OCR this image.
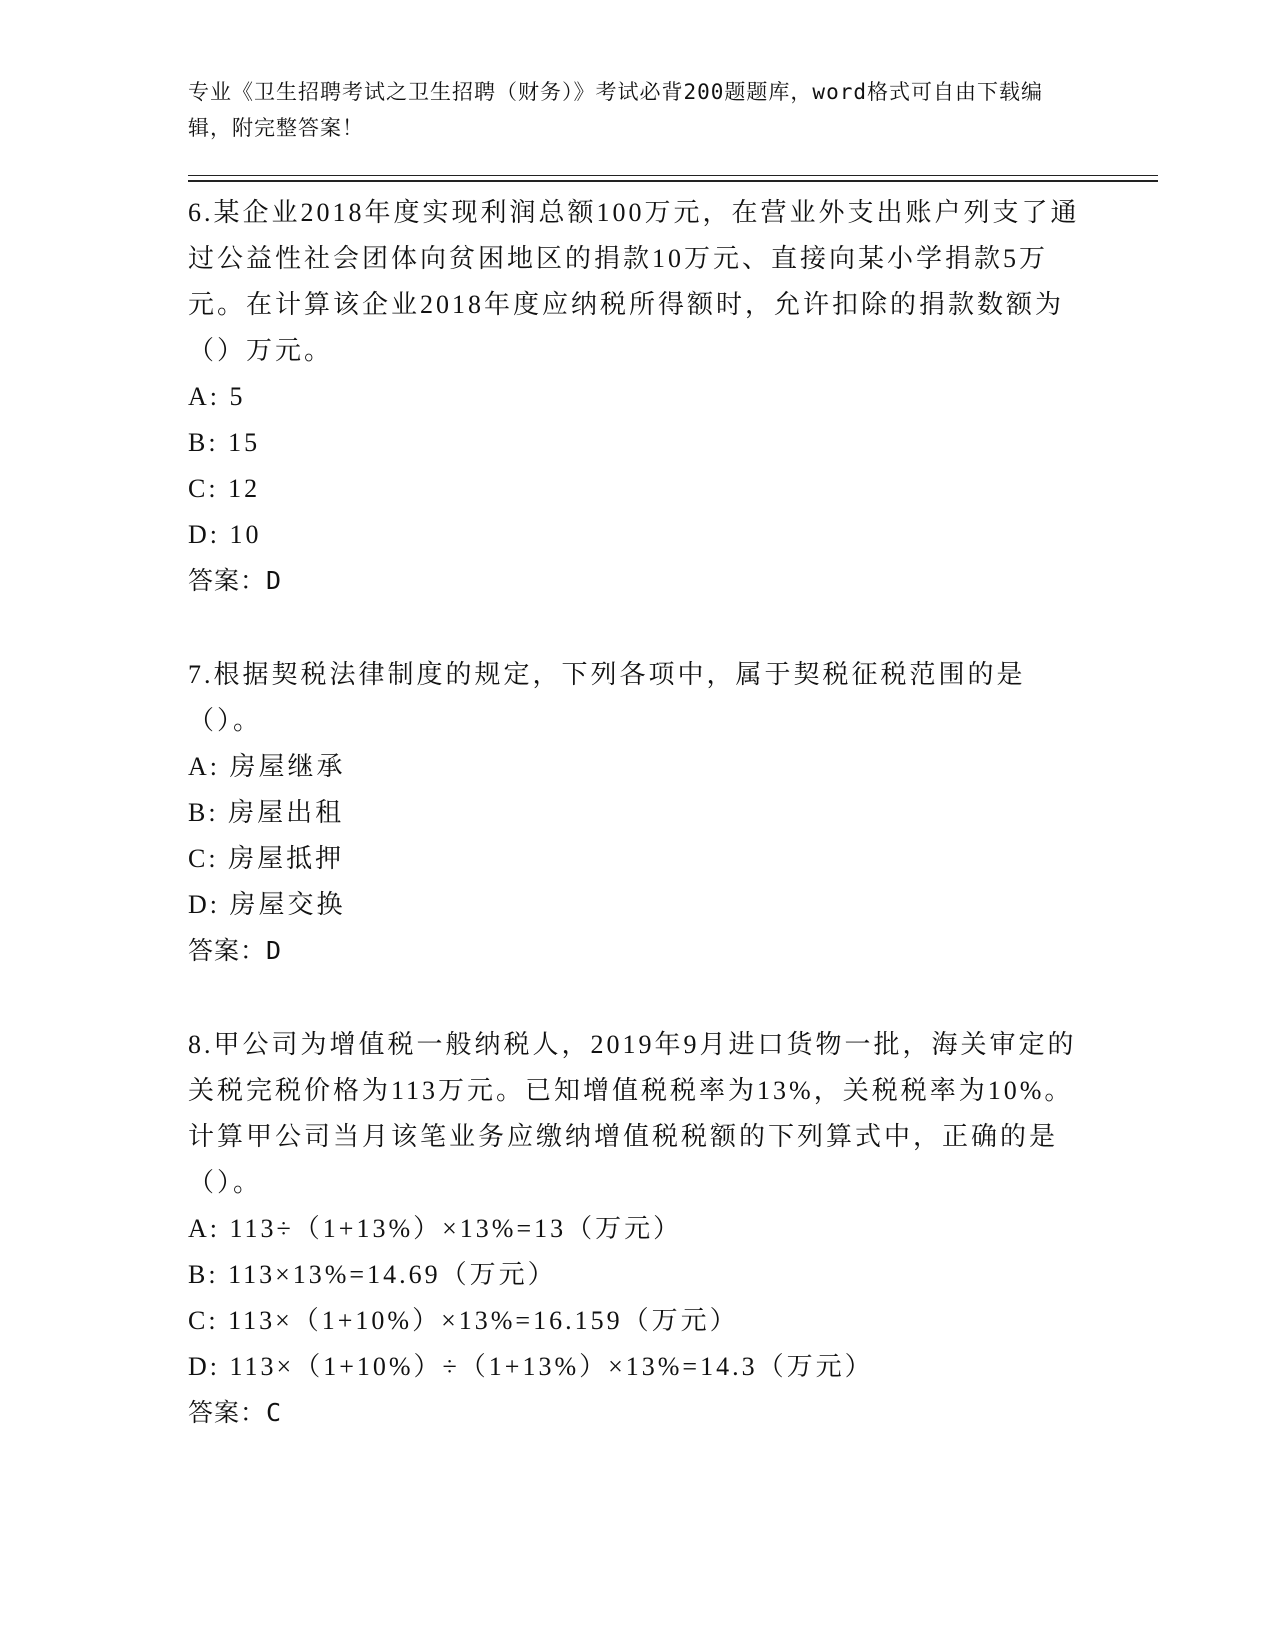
专业《卫生招聘考试之卫生招聘（财务）》考试必背200题题库，word格式可自由下载编辑，附完整答案！

6.某企业2018年度实现利润总额100万元，在营业外支出账户列支了通过公益性社会团体向贫困地区的捐款10万元、直接向某小学捐款5万元。在计算该企业2018年度应纳税所得额时，允许扣除的捐款数额为（）万元。

A: 5

B: 15

C: 12

D: 10

答案：D

7.根据契税法律制度的规定，下列各项中，属于契税征税范围的是（）。

A: 房屋继承

B: 房屋出租

C: 房屋抵押

D: 房屋交换

答案：D

8.甲公司为增值税一般纳税人，2019年9月进口货物一批，海关审定的关税完税价格为113万元。已知增值税税率为13%，关税税率为10%。计算甲公司当月该笔业务应缴纳增值税税额的下列算式中，正确的是（）。

A: 113÷（1+13%）×13%=13（万元）

B: 113×13%=14.69（万元）

C: 113×（1+10%）×13%=16.159（万元）

D: 113×（1+10%）÷（1+13%）×13%=14.3（万元）

答案：C
